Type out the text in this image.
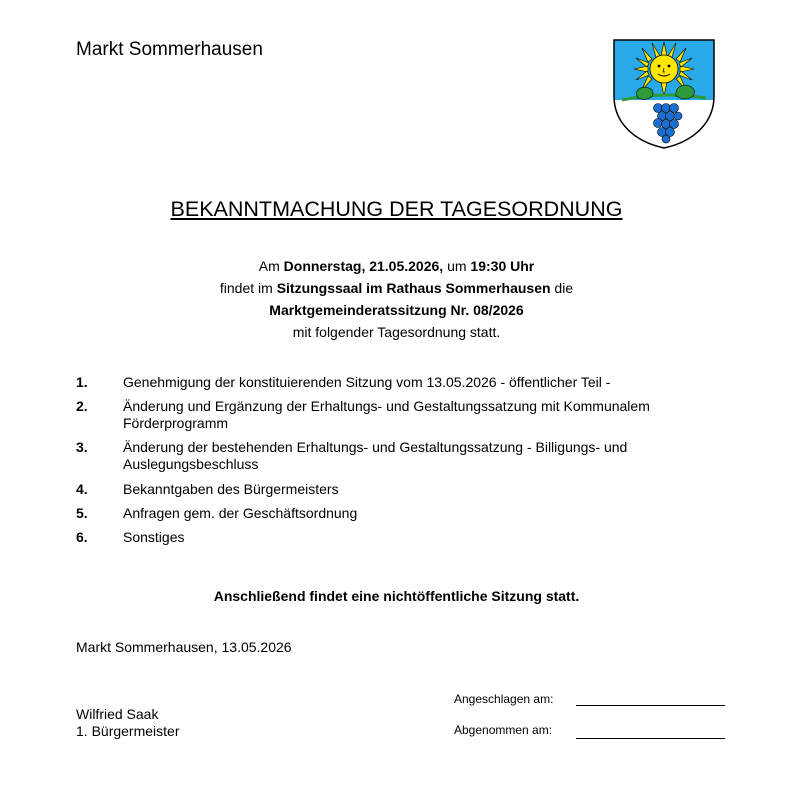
Markt Sommerhausen
BEKANNTMACHUNG DER TAGESORDNUNG
Am Donnerstag, 21.05.2026, um 19:30 Uhr
findet im Sitzungssaal im Rathaus Sommerhausen die
Marktgemeinderatssitzung Nr. 08/2026
mit folgender Tagesordnung statt.
1.	Genehmigung der konstituierenden Sitzung vom 13.05.2026 - öffentlicher Teil -
2.	Änderung und Ergänzung der Erhaltungs- und Gestaltungssatzung mit Kommunalem Förderprogramm
3.	Änderung der bestehenden Erhaltungs- und Gestaltungssatzung - Billigungs- und Auslegungsbeschluss
4.	Bekanntgaben des Bürgermeisters
5.	Anfragen gem. der Geschäftsordnung
6.	Sonstiges
Anschließend findet eine nichtöffentliche Sitzung statt.
Markt Sommerhausen, 13.05.2026
Wilfried Saak
1. Bürgermeister
Angeschlagen am:
Abgenommen am:
